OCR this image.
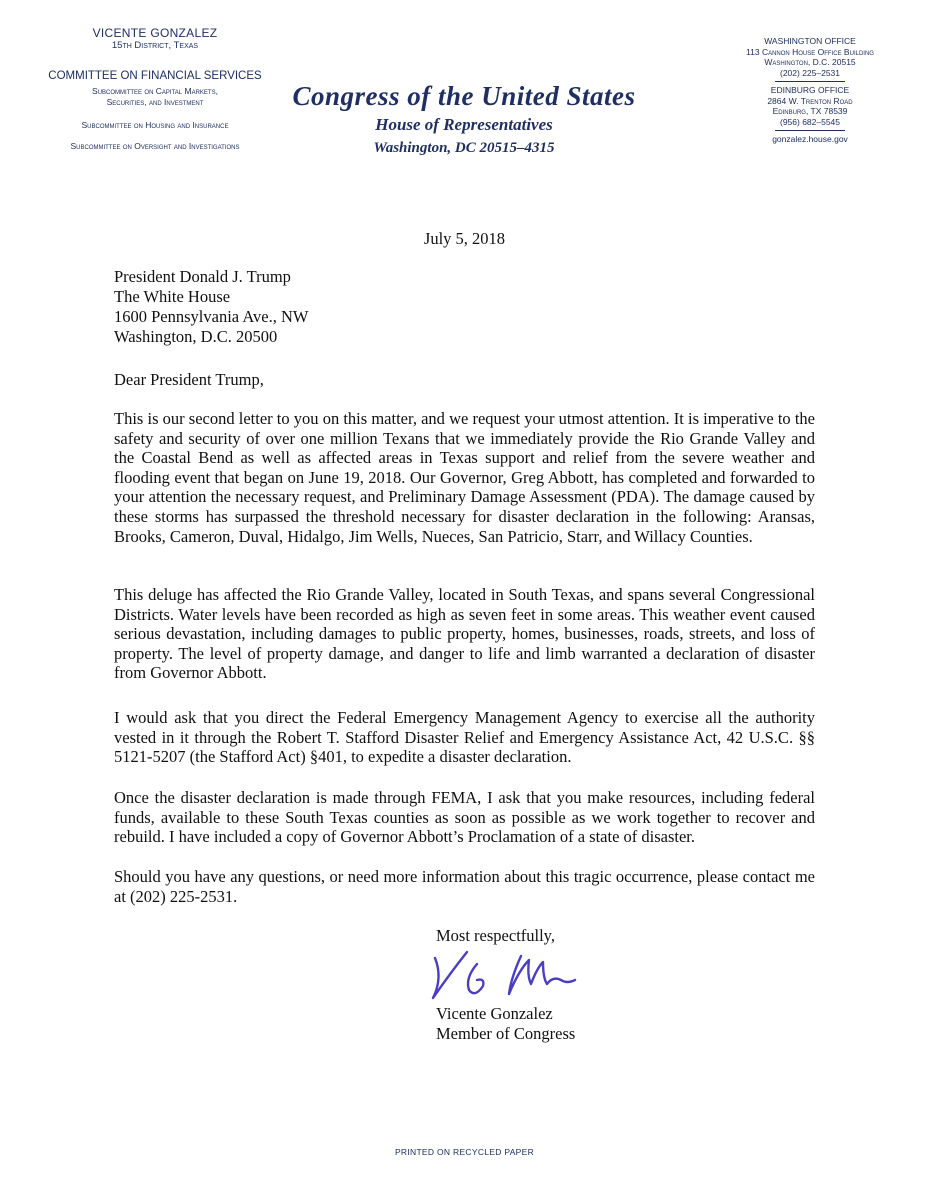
VICENTE GONZALEZ
15th District, Texas
COMMITTEE ON FINANCIAL SERVICES
Subcommittee on Capital Markets,
Securities, and Investment
Subcommittee on Housing and Insurance
Subcommittee on Oversight and Investigations
Congress of the United States
House of Representatives
Washington, DC 20515–4315
WASHINGTON OFFICE
113 Cannon House Office Building
Washington, D.C. 20515
(202) 225–2531
EDINBURG OFFICE
2864 W. Trenton Road
Edinburg, TX 78539
(956) 682–5545
gonzalez.house.gov
July 5, 2018
President Donald J. Trump
The White House
1600 Pennsylvania Ave., NW
Washington, D.C. 20500
Dear President Trump,
This is our second letter to you on this matter, and we request your utmost attention. It is imperative to the safety and security of over one million Texans that we immediately provide the Rio Grande Valley and the Coastal Bend as well as affected areas in Texas support and relief from the severe weather and flooding event that began on June 19, 2018. Our Governor, Greg Abbott, has completed and forwarded to your attention the necessary request, and Preliminary Damage Assessment (PDA). The damage caused by these storms has surpassed the threshold necessary for disaster declaration in the following: Aransas, Brooks, Cameron, Duval, Hidalgo, Jim Wells, Nueces, San Patricio, Starr, and Willacy Counties.
This deluge has affected the Rio Grande Valley, located in South Texas, and spans several Congressional Districts. Water levels have been recorded as high as seven feet in some areas. This weather event caused serious devastation, including damages to public property, homes, businesses, roads, streets, and loss of property. The level of property damage, and danger to life and limb warranted a declaration of disaster from Governor Abbott.
I would ask that you direct the Federal Emergency Management Agency to exercise all the authority vested in it through the Robert T. Stafford Disaster Relief and Emergency Assistance Act, 42 U.S.C. §§ 5121-5207 (the Stafford Act) §401, to expedite a disaster declaration.
Once the disaster declaration is made through FEMA, I ask that you make resources, including federal funds, available to these South Texas counties as soon as possible as we work together to recover and rebuild. I have included a copy of Governor Abbott’s Proclamation of a state of disaster.
Should you have any questions, or need more information about this tragic occurrence, please contact me at (202) 225-2531.
Most respectfully,
Vicente Gonzalez
Member of Congress
PRINTED ON RECYCLED PAPER
